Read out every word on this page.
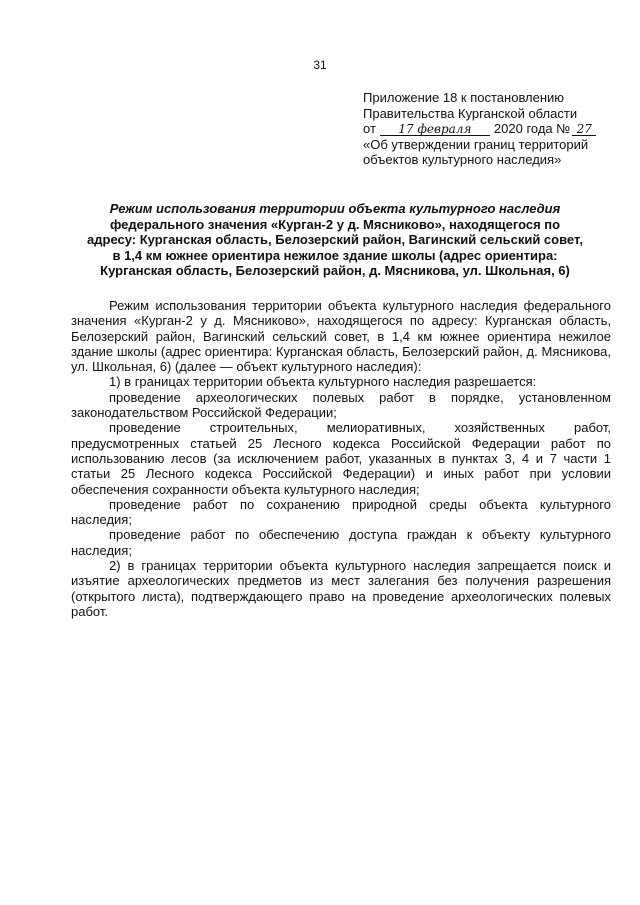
31
Приложение 18 к постановлению
Правительства Курганской области
от 17 февраля 2020 года № 27
«Об утверждении границ территорий
объектов культурного наследия»
Режим использования территории объекта культурного наследия
федерального значения «Курган-2 у д. Мясниково», находящегося по
адресу: Курганская область, Белозерский район, Вагинский сельский совет,
в 1,4 км южнее ориентира нежилое здание школы (адрес ориентира:
Курганская область, Белозерский район, д. Мясникова, ул. Школьная, 6)

Режим использования территории объекта культурного наследия федерального значения «Курган-2 у д. Мясниково», находящегося по адресу: Курганская область, Белозерский район, Вагинский сельский совет, в 1,4 км южнее ориентира нежилое здание школы (адрес ориентира: Курганская область, Белозерский район, д. Мясникова, ул. Школьная, 6) (далее — объект культурного наследия):

1) в границах территории объекта культурного наследия разрешается:

проведение археологических полевых работ в порядке, установленном законодательством Российской Федерации;

проведение строительных, мелиоративных, хозяйственных работ, предусмотренных статьей 25 Лесного кодекса Российской Федерации работ по использованию лесов (за исключением работ, указанных в пунктах 3, 4 и 7 части 1 статьи 25 Лесного кодекса Российской Федерации) и иных работ при условии обеспечения сохранности объекта культурного наследия;

проведение работ по сохранению природной среды объекта культурного наследия;

проведение работ по обеспечению доступа граждан к объекту культурного наследия;

2) в границах территории объекта культурного наследия запрещается поиск и изъятие археологических предметов из мест залегания без получения разрешения (открытого листа), подтверждающего право на проведение археологических полевых работ.
